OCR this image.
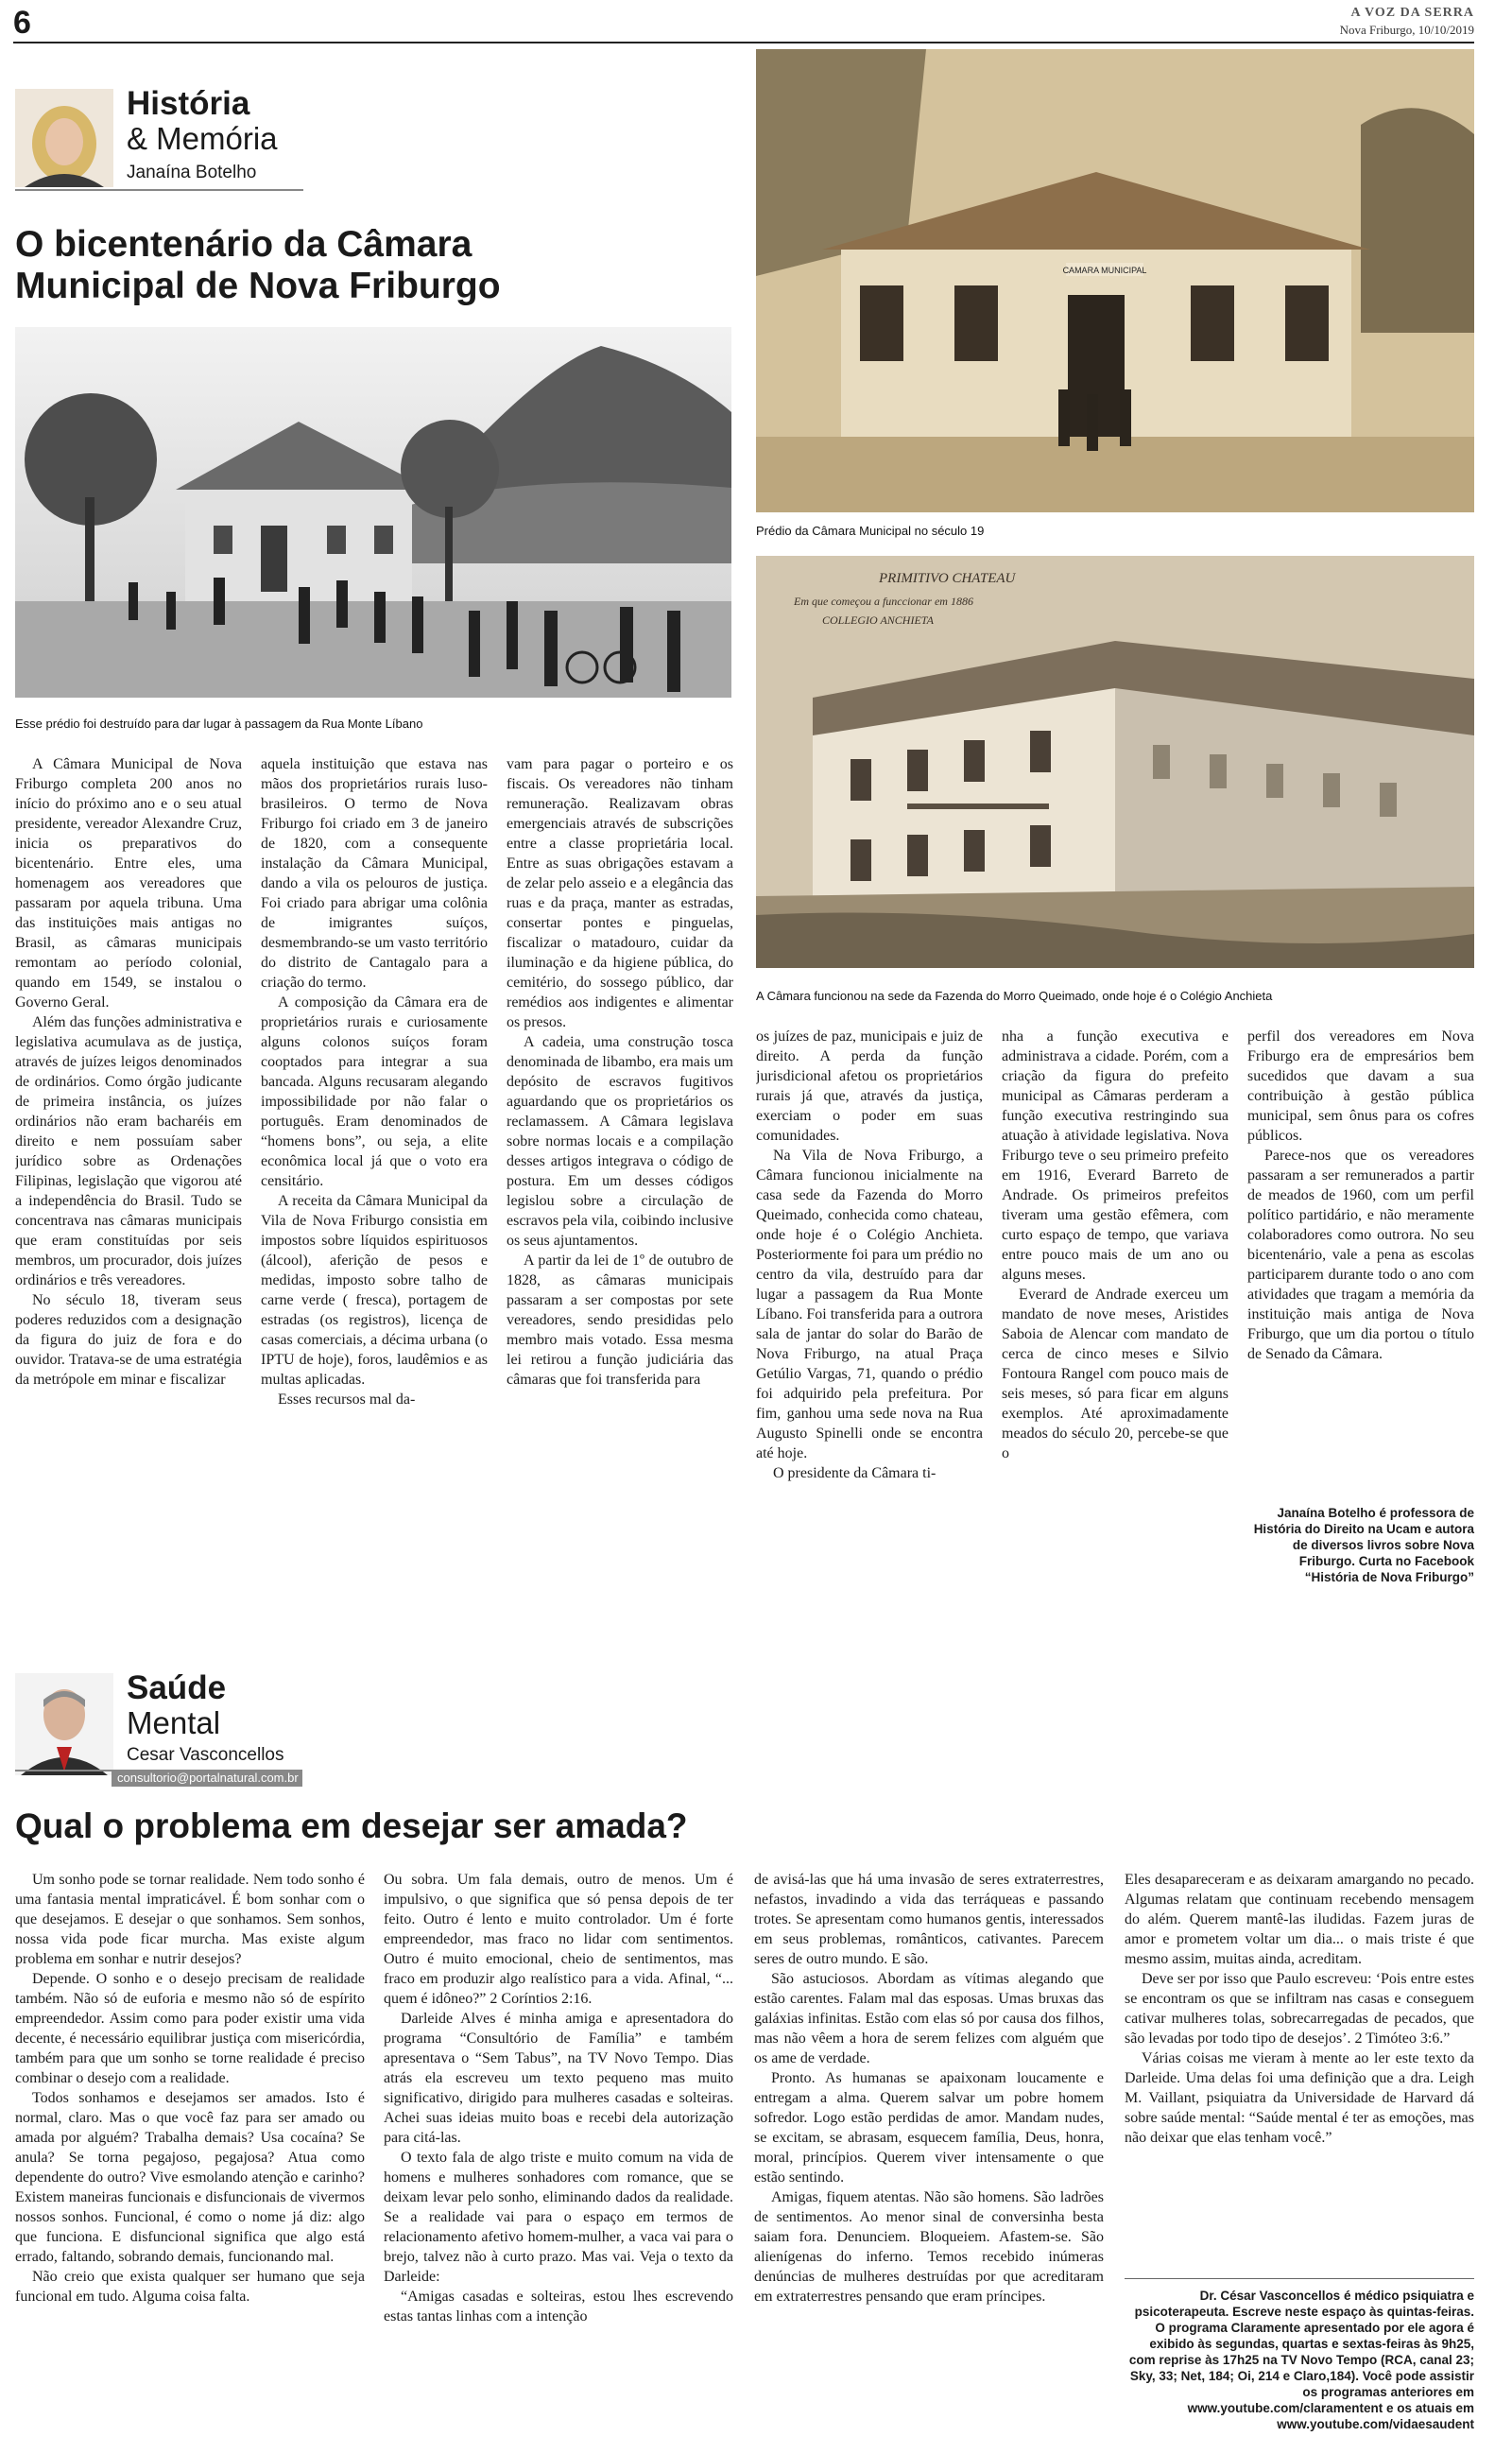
6	A VOZ DA SERRA
Nova Friburgo, 10/10/2019
História
& Memória
Janaína Botelho
O bicentenário da Câmara
Municipal de Nova Friburgo
Esse prédio foi destruído para dar lugar à passagem da Rua Monte Líbano
CAMARA MUNICIPAL
Prédio da Câmara Municipal no século 19
PRIMITIVO CHATEAU
Em que começou a funccionar em 1886
COLLEGIO ANCHIETA
A Câmara funcionou na sede da Fazenda do Morro Queimado, onde hoje é o Colégio Anchieta

A Câmara Municipal de Nova Friburgo completa 200 anos no início do próximo ano e o seu atual presidente, vereador Alexandre Cruz, inicia os preparativos do bicentenário. Entre eles, uma homenagem aos vereadores que passaram por aquela tribuna. Uma das instituições mais antigas no Brasil, as câmaras municipais remontam ao período colonial, quando em 1549, se instalou o Governo Geral.

Além das funções administrativa e legislativa acumulava as de justiça, através de juízes leigos denominados de ordinários. Como órgão judicante de primeira instância, os juízes ordinários não eram bacharéis em direito e nem possuíam saber jurídico sobre as Ordenações Filipinas, legislação que vigorou até a independência do Brasil. Tudo se concentrava nas câmaras municipais que eram constituídas por seis membros, um procurador, dois juízes ordinários e três vereadores.

No século 18, tiveram seus poderes reduzidos com a designação da figura do juiz de fora e do ouvidor. Tratava-se de uma estratégia da metrópole em minar e fiscalizar

aquela instituição que estava nas mãos dos proprietários rurais luso-brasileiros. O termo de Nova Friburgo foi criado em 3 de janeiro de 1820, com a consequente instalação da Câmara Municipal, dando a vila os pelouros de justiça. Foi criado para abrigar uma colônia de imigrantes suíços, desmembrando-se um vasto território do distrito de Cantagalo para a criação do termo.

A composição da Câmara era de proprietários rurais e curiosamente alguns colonos suíços foram cooptados para integrar a sua bancada. Alguns recusaram alegando impossibilidade por não falar o português. Eram denominados de “homens bons”, ou seja, a elite econômica local já que o voto era censitário.

A receita da Câmara Municipal da Vila de Nova Friburgo consistia em impostos sobre líquidos espirituosos (álcool), aferição de pesos e medidas, imposto sobre talho de carne verde ( fresca), portagem de estradas (os registros), licença de casas comerciais, a décima urbana (o IPTU de hoje), foros, laudêmios e as multas aplicadas.

Esses recursos mal da-

vam para pagar o porteiro e os fiscais. Os vereadores não tinham remuneração. Realizavam obras emergenciais através de subscrições entre a classe proprietária local. Entre as suas obrigações estavam a de zelar pelo asseio e a elegância das ruas e da praça, manter as estradas, consertar pontes e pinguelas, fiscalizar o matadouro, cuidar da iluminação e da higiene pública, do cemitério, do sossego público, dar remédios aos indigentes e alimentar os presos.

A cadeia, uma construção tosca denominada de libambo, era mais um depósito de escravos fugitivos aguardando que os proprietários os reclamassem. A Câmara legislava sobre normas locais e a compilação desses artigos integrava o código de postura. Em um desses códigos legislou sobre a circulação de escravos pela vila, coibindo inclusive os seus ajuntamentos.

A partir da lei de 1º de outubro de 1828, as câmaras municipais passaram a ser compostas por sete vereadores, sendo presididas pelo membro mais votado. Essa mesma lei retirou a função judiciária das câmaras que foi transferida para

os juízes de paz, municipais e juiz de direito. A perda da função jurisdicional afetou os proprietários rurais já que, através da justiça, exerciam o poder em suas comunidades.

Na Vila de Nova Friburgo, a Câmara funcionou inicialmente na casa sede da Fazenda do Morro Queimado, conhecida como chateau, onde hoje é o Colégio Anchieta. Posteriormente foi para um prédio no centro da vila, destruído para dar lugar a passagem da Rua Monte Líbano. Foi transferida para a outrora sala de jantar do solar do Barão de Nova Friburgo, na atual Praça Getúlio Vargas, 71, quando o prédio foi adquirido pela prefeitura. Por fim, ganhou uma sede nova na Rua Augusto Spinelli onde se encontra até hoje.

O presidente da Câmara ti-

nha a função executiva e administrava a cidade. Porém, com a criação da figura do prefeito municipal as Câmaras perderam a função executiva restringindo sua atuação à atividade legislativa. Nova Friburgo teve o seu primeiro prefeito em 1916, Everard Barreto de Andrade. Os primeiros prefeitos tiveram uma gestão efêmera, com curto espaço de tempo, que variava entre pouco mais de um ano ou alguns meses.

Everard de Andrade exerceu um mandato de nove meses, Aristides Saboia de Alencar com mandato de cerca de cinco meses e Silvio Fontoura Rangel com pouco mais de seis meses, só para ficar em alguns exemplos. Até aproximadamente meados do século 20, percebe-se que o

perfil dos vereadores em Nova Friburgo era de empresários bem sucedidos que davam a sua contribuição à gestão pública municipal, sem ônus para os cofres públicos.

Parece-nos que os vereadores passaram a ser remunerados a partir de meados de 1960, com um perfil político partidário, e não meramente colaboradores como outrora. No seu bicentenário, vale a pena as escolas participarem durante todo o ano com atividades que tragam a memória da instituição mais antiga de Nova Friburgo, que um dia portou o título de Senado da Câmara.

Janaína Botelho é professora de História do Direito na Ucam e autora de diversos livros sobre Nova Friburgo. Curta no Facebook “História de Nova Friburgo”
Saúde
Mental
Cesar Vasconcellos
consultorio@portalnatural.com.br
Qual o problema em desejar ser amada?

Um sonho pode se tornar realidade. Nem todo sonho é uma fantasia mental impraticável. É bom sonhar com o que desejamos. E desejar o que sonhamos. Sem sonhos, nossa vida pode ficar murcha. Mas existe algum problema em sonhar e nutrir desejos?

Depende. O sonho e o desejo precisam de realidade também. Não só de euforia e mesmo não só de espírito empreendedor. Assim como para poder existir uma vida decente, é necessário equilibrar justiça com misericórdia, também para que um sonho se torne realidade é preciso combinar o desejo com a realidade.

Todos sonhamos e desejamos ser amados. Isto é normal, claro. Mas o que você faz para ser amado ou amada por alguém? Trabalha demais? Usa cocaína? Se anula? Se torna pegajoso, pegajosa? Atua como dependente do outro? Vive esmolando atenção e carinho? Existem maneiras funcionais e disfuncionais de vivermos nossos sonhos. Funcional, é como o nome já diz: algo que funciona. E disfuncional significa que algo está errado, faltando, sobrando demais, funcionando mal.

Não creio que exista qualquer ser humano que seja funcional em tudo. Alguma coisa falta.

Ou sobra. Um fala demais, outro de menos. Um é impulsivo, o que significa que só pensa depois de ter feito. Outro é lento e muito controlador. Um é forte empreendedor, mas fraco no lidar com sentimentos. Outro é muito emocional, cheio de sentimentos, mas fraco em produzir algo realístico para a vida. Afinal, “... quem é idôneo?” 2 Coríntios 2:16.

Darleide Alves é minha amiga e apresentadora do programa “Consultório de Família” e também apresentava o “Sem Tabus”, na TV Novo Tempo. Dias atrás ela escreveu um texto pequeno mas muito significativo, dirigido para mulheres casadas e solteiras. Achei suas ideias muito boas e recebi dela autorização para citá-las.

O texto fala de algo triste e muito comum na vida de homens e mulheres sonhadores com romance, que se deixam levar pelo sonho, eliminando dados da realidade. Se a realidade vai para o espaço em termos de relacionamento afetivo homem-mulher, a vaca vai para o brejo, talvez não à curto prazo. Mas vai. Veja o texto da Darleide:

“Amigas casadas e solteiras, estou lhes escrevendo estas tantas linhas com a intenção

de avisá-las que há uma invasão de seres extraterrestres, nefastos, invadindo a vida das terráqueas e passando trotes. Se apresentam como humanos gentis, interessados em seus problemas, românticos, cativantes. Parecem seres de outro mundo. E são.

São astuciosos. Abordam as vítimas alegando que estão carentes. Falam mal das esposas. Umas bruxas das galáxias infinitas. Estão com elas só por causa dos filhos, mas não vêem a hora de serem felizes com alguém que os ame de verdade.

Pronto. As humanas se apaixonam loucamente e entregam a alma. Querem salvar um pobre homem sofredor. Logo estão perdidas de amor. Mandam nudes, se excitam, se abrasam, esquecem família, Deus, honra, moral, princípios. Querem viver intensamente o que estão sentindo.

Amigas, fiquem atentas. Não são homens. São ladrões de sentimentos. Ao menor sinal de conversinha besta saiam fora. Denunciem. Bloqueiem. Afastem-se. São alienígenas do inferno. Temos recebido inúmeras denúncias de mulheres destruídas por que acreditaram em extraterrestres pensando que eram príncipes.

Eles desapareceram e as deixaram amargando no pecado. Algumas relatam que continuam recebendo mensagem do além. Querem mantê-las iludidas. Fazem juras de amor e prometem voltar um dia... o mais triste é que mesmo assim, muitas ainda, acreditam.

Deve ser por isso que Paulo escreveu: ‘Pois entre estes se encontram os que se infiltram nas casas e conseguem cativar mulheres tolas, sobrecarregadas de pecados, que são levadas por todo tipo de desejos’. 2 Timóteo 3:6.”

Várias coisas me vieram à mente ao ler este texto da Darleide. Uma delas foi uma definição que a dra. Leigh M. Vaillant, psiquiatra da Universidade de Harvard dá sobre saúde mental: “Saúde mental é ter as emoções, mas não deixar que elas tenham você.”

Dr. César Vasconcellos é médico psiquiatra e psicoterapeuta. Escreve neste espaço às quintas-feiras. O programa Claramente apresentado por ele agora é exibido às segundas, quartas e sextas-feiras às 9h25, com reprise às 17h25 na TV Novo Tempo (RCA, canal 23; Sky, 33; Net, 184; Oi, 214 e Claro,184). Você pode assistir os programas anteriores em www.youtube.com/claramentent e os atuais em www.youtube.com/vidaesaudent
